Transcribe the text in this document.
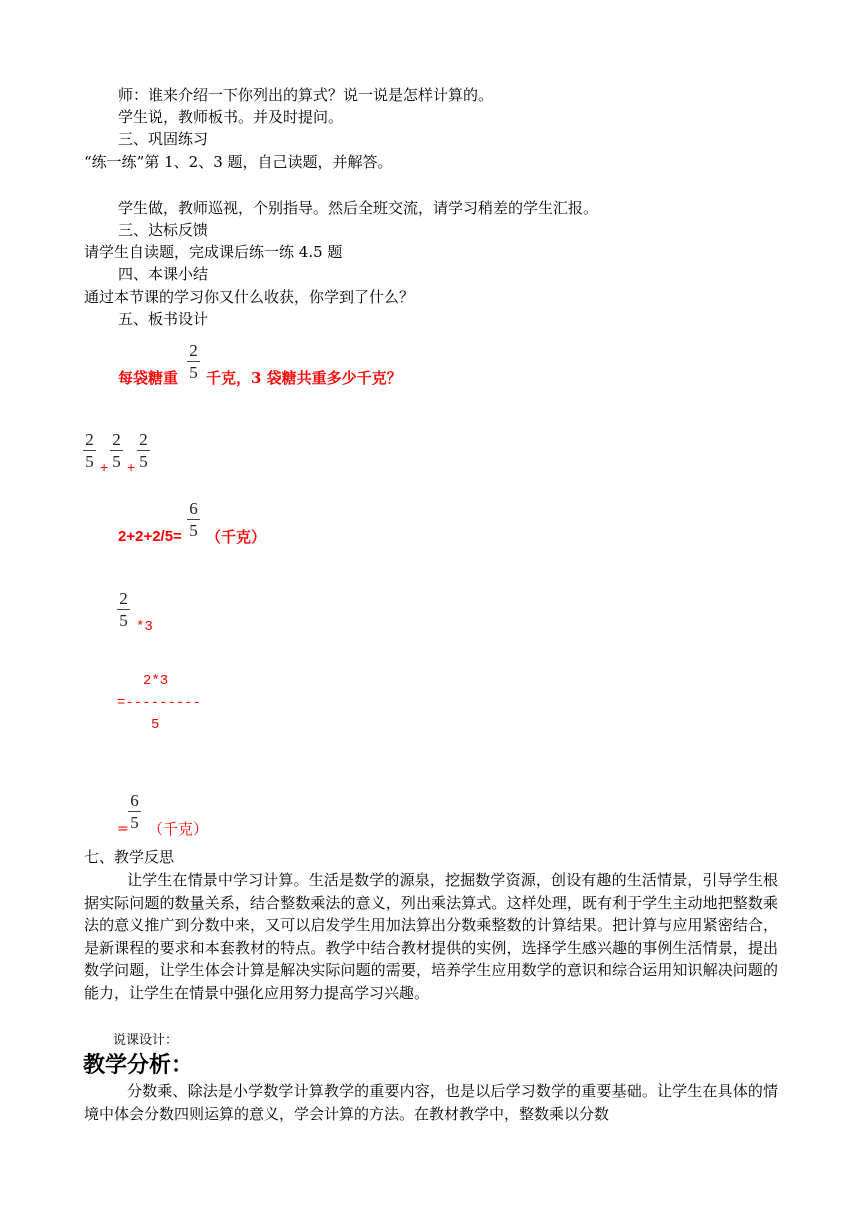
师：谁来介绍一下你列出的算式？说一说是怎样计算的。
学生说，教师板书。并及时提问。
三、巩固练习
“练一练”第 1、2、3 题，自己读题，并解答。
学生做，教师巡视，个别指导。然后全班交流，请学习稍差的学生汇报。
三、达标反馈
请学生自读题，完成课后练一练 4.5 题
四、本课小结
通过本节课的学习你又什么收获，你学到了什么？
五、板书设计
每袋糖重
2
5 千克，3 袋糖共重多少千克？
2
5 +
2
5 +
2
5
2+2+2/5=
6
5 （千克）
2
5 *3
2*3
=---------
5
=
6
5 （千克）
七、教学反思
让学生在情景中学习计算。生活是数学的源泉，挖掘数学资源，创设有趣的生活情景，引导学生根据实际问题的数量关系，结合整数乘法的意义，列出乘法算式。这样处理，既有利于学生主动地把整数乘法的意义推广到分数中来，又可以启发学生用加法算出分数乘整数的计算结果。把计算与应用紧密结合，是新课程的要求和本套教材的特点。教学中结合教材提供的实例，选择学生感兴趣的事例生活情景，提出数学问题，让学生体会计算是解决实际问题的需要，培养学生应用数学的意识和综合运用知识解决问题的能力，让学生在情景中强化应用努力提高学习兴趣。
说课设计：
教学分析：
分数乘、除法是小学数学计算教学的重要内容，也是以后学习数学的重要基础。让学生在具体的情境中体会分数四则运算的意义，学会计算的方法。在教材教学中，整数乘以分数
